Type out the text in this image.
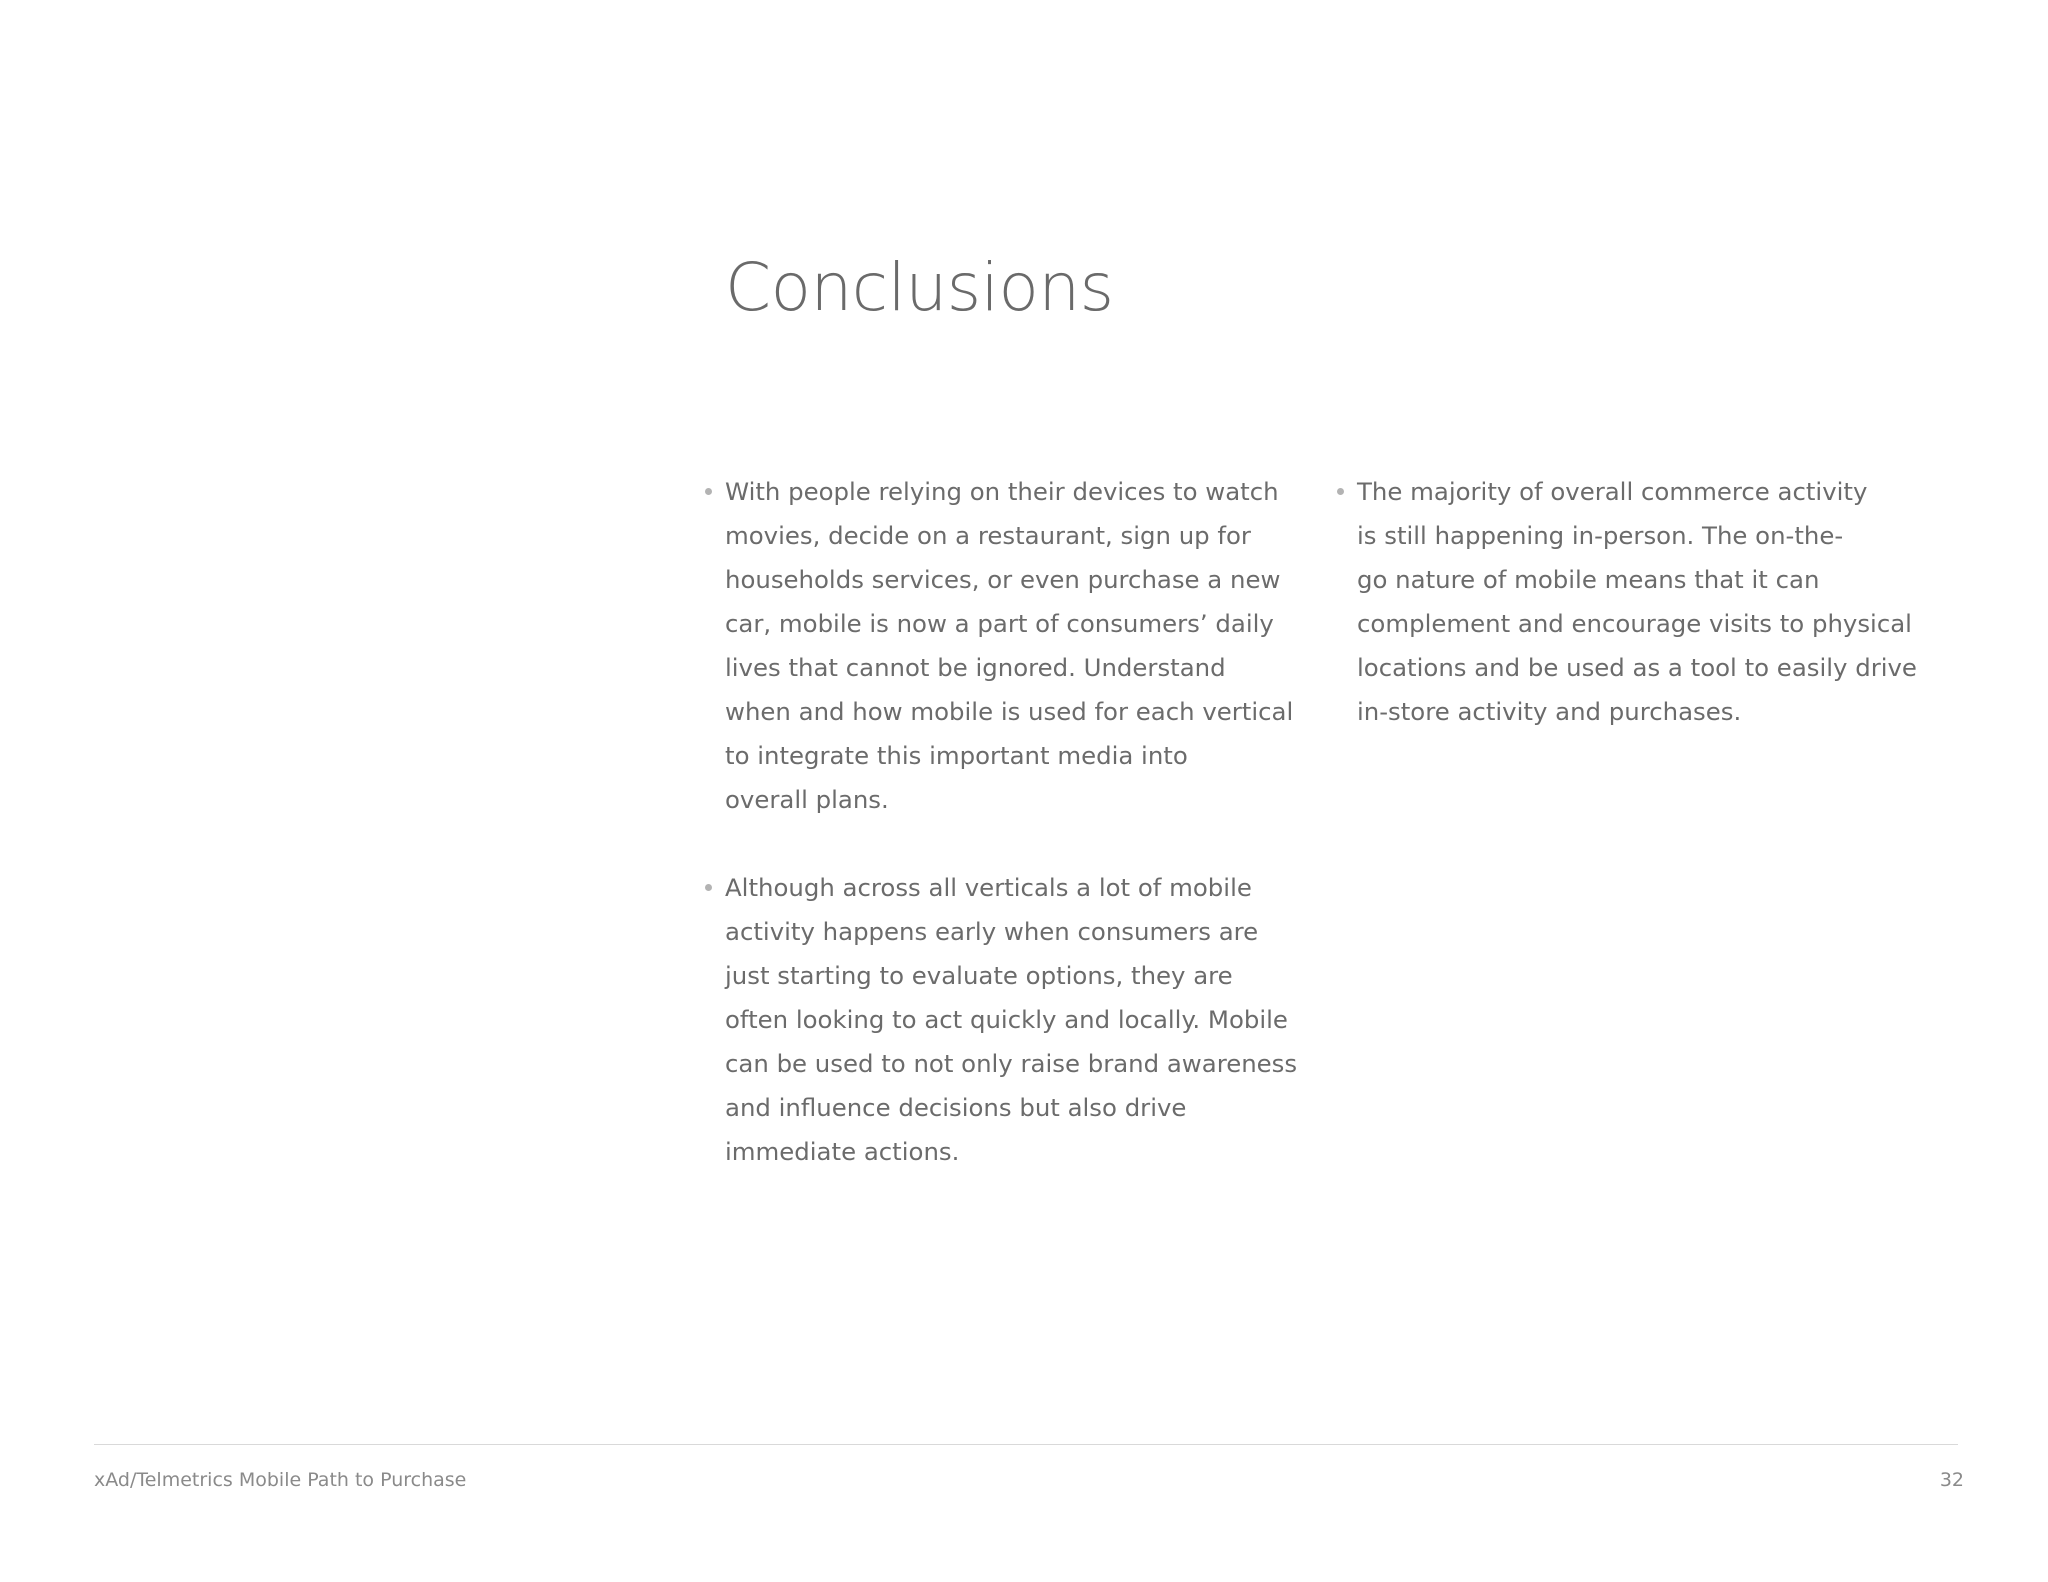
Conclusions
With people relying on their devices to watch
movies, decide on a restaurant, sign up for
households services, or even purchase a new
car, mobile is now a part of consumers’ daily
lives that cannot be ignored. Understand
when and how mobile is used for each vertical
to integrate this important media into
overall plans.
Although across all verticals a lot of mobile
activity happens early when consumers are
just starting to evaluate options, they are
often looking to act quickly and locally. Mobile
can be used to not only raise brand awareness
and influence decisions but also drive
immediate actions.
The majority of overall commerce activity
is still happening in-person. The on-the-
go nature of mobile means that it can
complement and encourage visits to physical
locations and be used as a tool to easily drive
in-store activity and purchases.
xAd/Telmetrics Mobile Path to Purchase	32
